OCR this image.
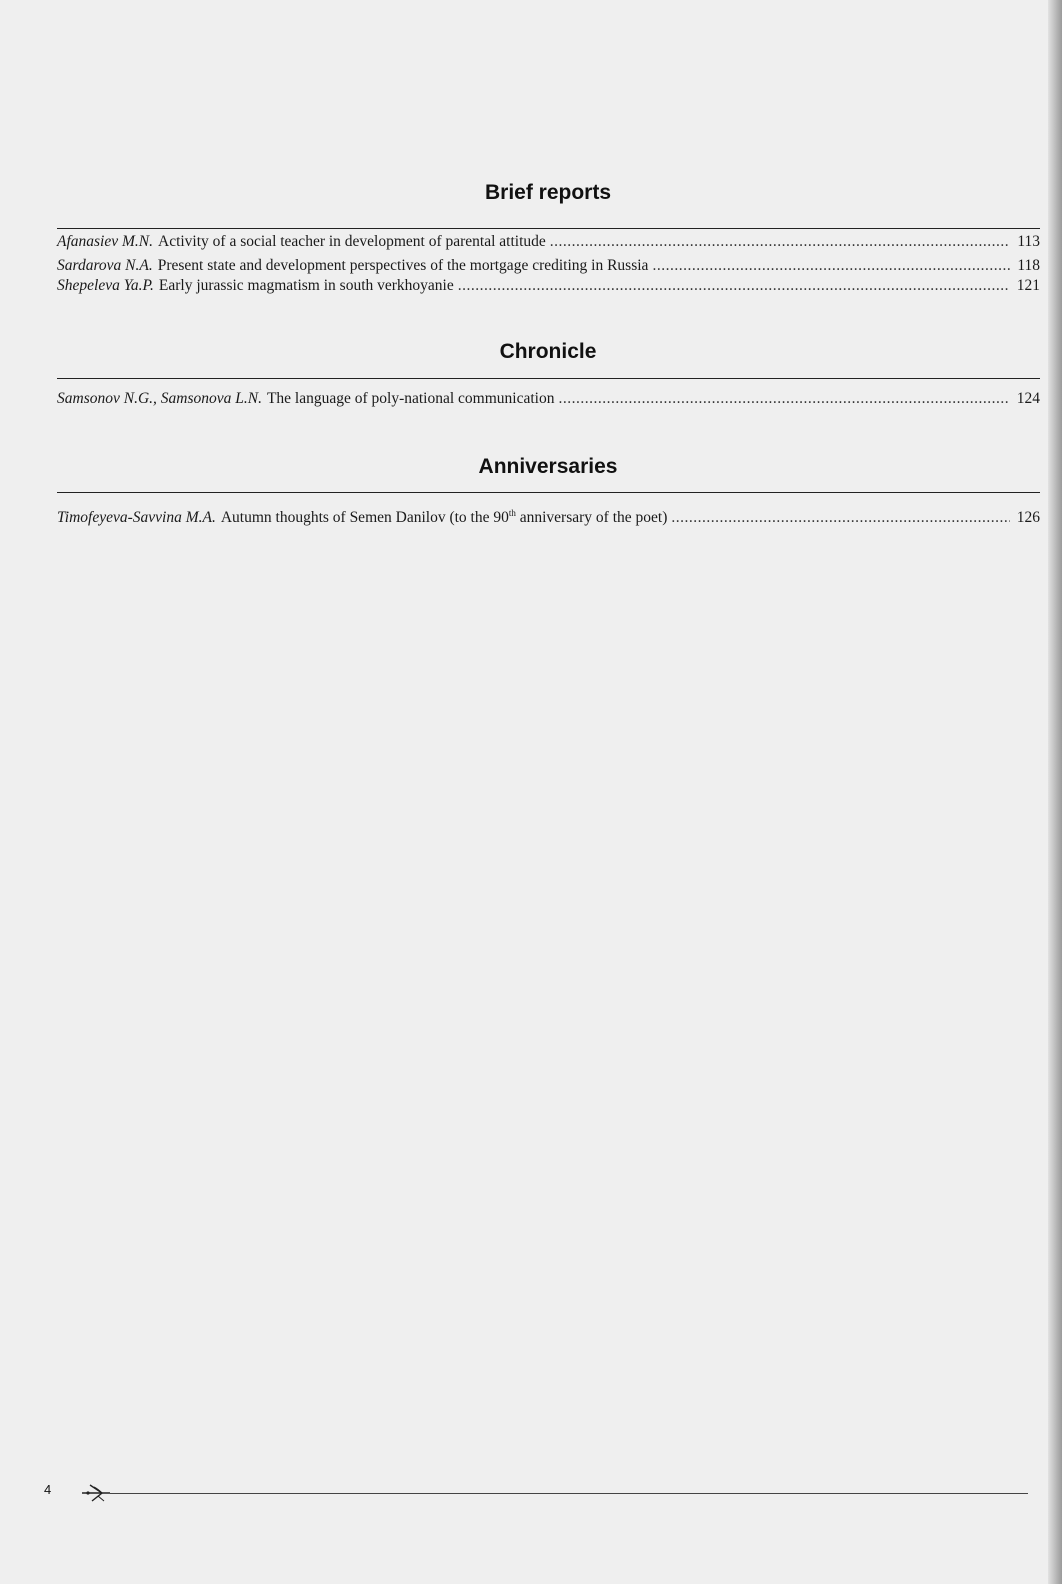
Brief reports
Afanasiev M.N. Activity of a social teacher in development of parental attitude .....	113
Sardarova N.A. Present state and development perspectives of the mortgage crediting in Russia .....	118
Shepeleva Ya.P. Early jurassic magmatism in south verkhoyanie .....	121
Chronicle
Samsonov N.G., Samsonova L.N. The language of poly-national communication .....	124
Anniversaries
Timofeyeva-Savvina M.A. Autumn thoughts of Semen Danilov (to the 90th anniversary of the poet) .....	126
4
